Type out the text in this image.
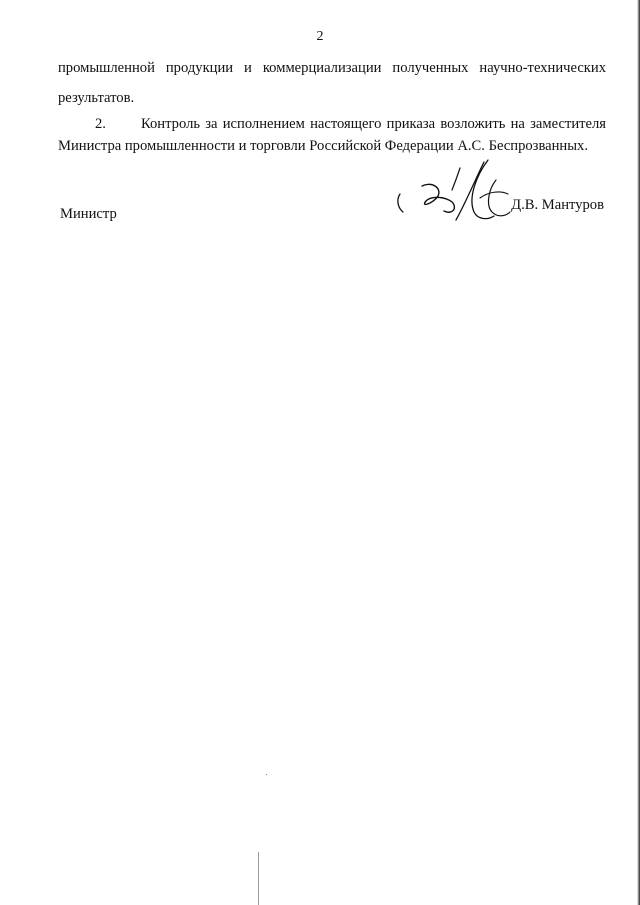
2
промышленной продукции и коммерциализации полученных научно-технических
результатов.
2. Контроль за исполнением настоящего приказа возложить на заместителя
Министра промышленности и торговли Российской Федерации А.С. Беспрозванных.
Министр
Д.В. Мантуров
